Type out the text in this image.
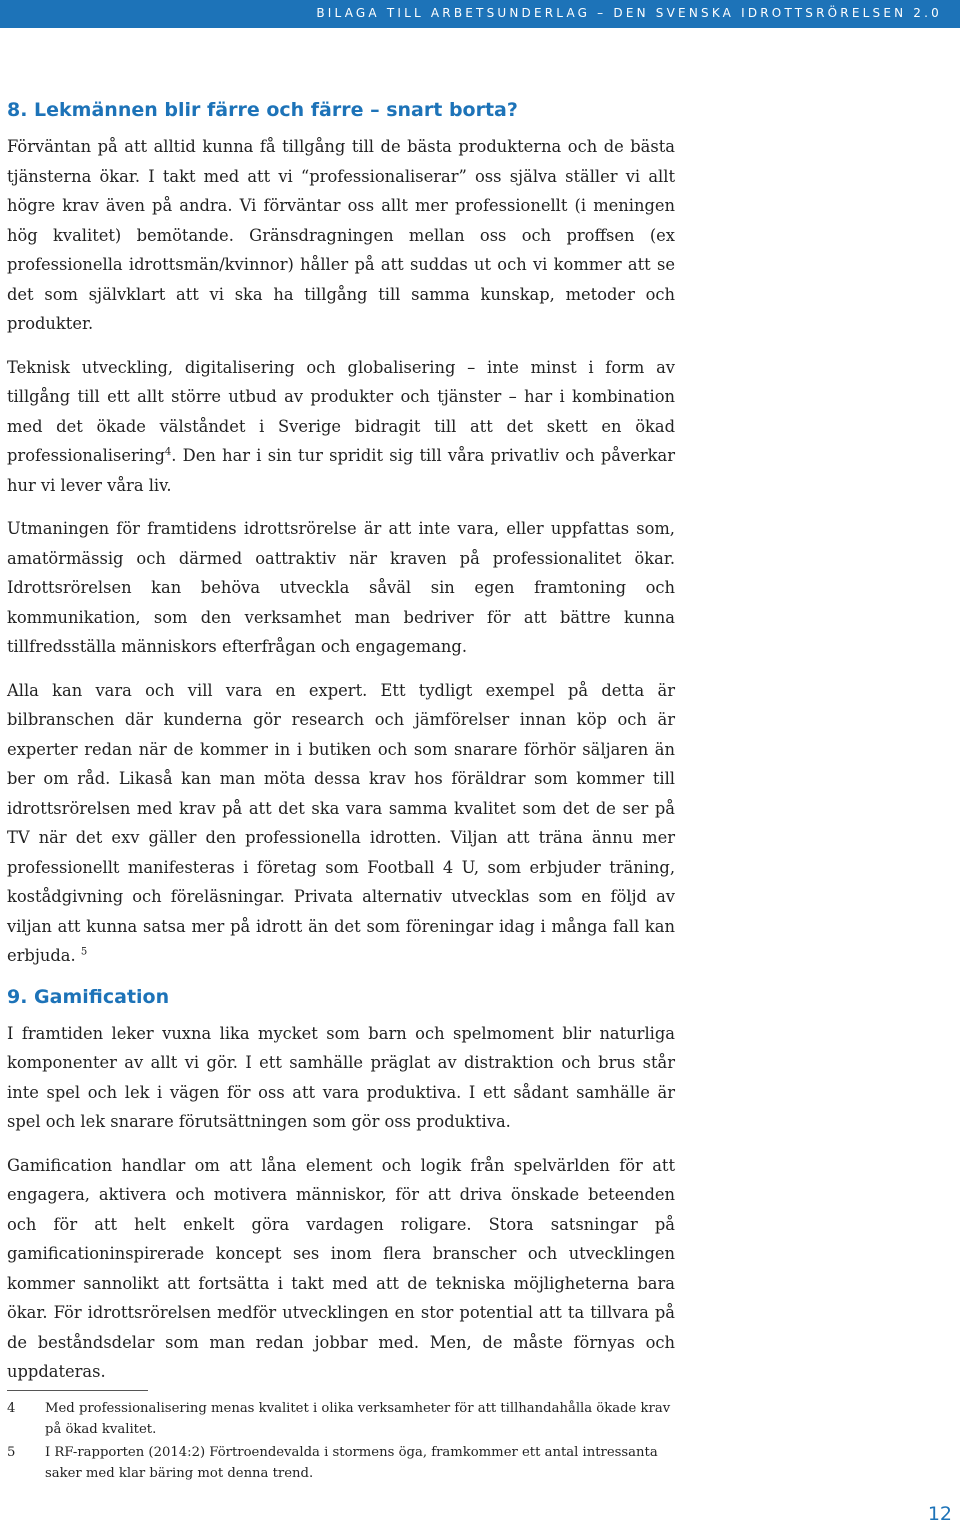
BILAGA TILL ARBETSUNDERLAG – DEN SVENSKA IDROTTSRÖRELSEN 2.0
8. Lekmännen blir färre och färre – snart borta?

Förväntan på att alltid kunna få tillgång till de bästa produkterna och de bästa tjänsterna ökar. I takt med att vi “professionaliserar” oss själva ställer vi allt högre krav även på andra. Vi förväntar oss allt mer professionellt (i meningen hög kvalitet) bemötande. Gränsdragningen mellan oss och proffsen (ex professionella idrottsmän/kvinnor) håller på att suddas ut och vi kommer att se det som självklart att vi ska ha tillgång till samma kunskap, metoder och produkter.

Teknisk utveckling, digitalisering och globalisering – inte minst i form av tillgång till ett allt större utbud av produkter och tjänster – har i kombination med det ökade välståndet i Sverige bidragit till att det skett en ökad professionalisering$^4$. Den har i sin tur spridit sig till våra privatliv och påverkar hur vi lever våra liv.

Utmaningen för framtidens idrottsrörelse är att inte vara, eller uppfattas som, amatörmässig och därmed oattraktiv när kraven på professionalitet ökar. Idrottsrörelsen kan behöva utveckla såväl sin egen framtoning och kommunikation, som den verksamhet man bedriver för att bättre kunna tillfredsställa människors efterfrågan och engagemang.

Alla kan vara och vill vara en expert. Ett tydligt exempel på detta är bilbranschen där kunderna gör research och jämförelser innan köp och är experter redan när de kommer in i butiken och som snarare förhör säljaren än ber om råd. Likaså kan man möta dessa krav hos föräldrar som kommer till idrottsrörelsen med krav på att det ska vara samma kvalitet som det de ser på TV när det exv gäller den professionella idrotten. Viljan att träna ännu mer professionellt manifesteras i företag som Football 4 U, som erbjuder träning, kostådgivning och föreläsningar. Privata alternativ utvecklas som en följd av viljan att kunna satsa mer på idrott än det som föreningar idag i många fall kan erbjuda. $^5$

9. Gamification

I framtiden leker vuxna lika mycket som barn och spelmoment blir naturliga komponenter av allt vi gör. I ett samhälle präglat av distraktion och brus står inte spel och lek i vägen för oss att vara produktiva. I ett sådant samhälle är spel och lek snarare förutsättningen som gör oss produktiva.

Gamification handlar om att låna element och logik från spelvärlden för att engagera, aktivera och motivera människor, för att driva önskade beteenden och för att helt enkelt göra vardagen roligare. Stora satsningar på gamificationinspirerade koncept ses inom flera branscher och utvecklingen kommer sannolikt att fortsätta i takt med att de tekniska möjligheterna bara ökar. För idrottsrörelsen medför utvecklingen en stor potential att ta tillvara på de beståndsdelar som man redan jobbar med. Men, de måste förnyas och uppdateras.

4	Med professionalisering menas kvalitet i olika verksamheter för att tillhandahålla ökade krav på ökad kvalitet.
5	I RF-rapporten (2014:2) Förtroendevalda i stormens öga, framkommer ett antal intressanta saker med klar bäring mot denna trend.
12
